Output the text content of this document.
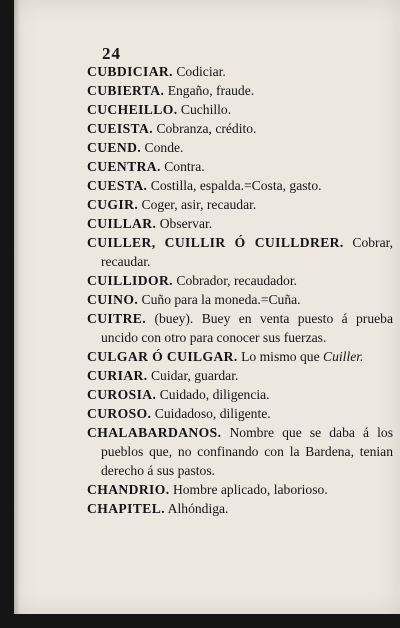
24

CUBDICIAR. Codiciar.

CUBIERTA. Engaño, fraude.

CUCHEILLO. Cuchillo.

CUEISTA. Cobranza, crédito.

CUEND. Conde.

CUENTRA. Contra.

CUESTA. Costilla, espalda.=Costa, gasto.

CUGIR. Coger, asir, recaudar.

CUILLAR. Observar.

CUILLER, CUILLIR Ó CUILLDRER. Cobrar, recaudar.

CUILLIDOR. Cobrador, recaudador.

CUINO. Cuño para la moneda.=Cuña.

CUITRE. (buey). Buey en venta puesto á prueba uncido con otro para conocer sus fuerzas.

CULGAR Ó CUILGAR. Lo mismo que Cuiller.

CURIAR. Cuidar, guardar.

CUROSIA. Cuidado, diligencia.

CUROSO. Cuidadoso, diligente.

CHALABARDANOS. Nombre que se daba á los pueblos que, no confinando con la Bardena, tenian derecho á sus pastos.

CHANDRIO. Hombre aplicado, laborioso.

CHAPITEL. Alhóndiga.
